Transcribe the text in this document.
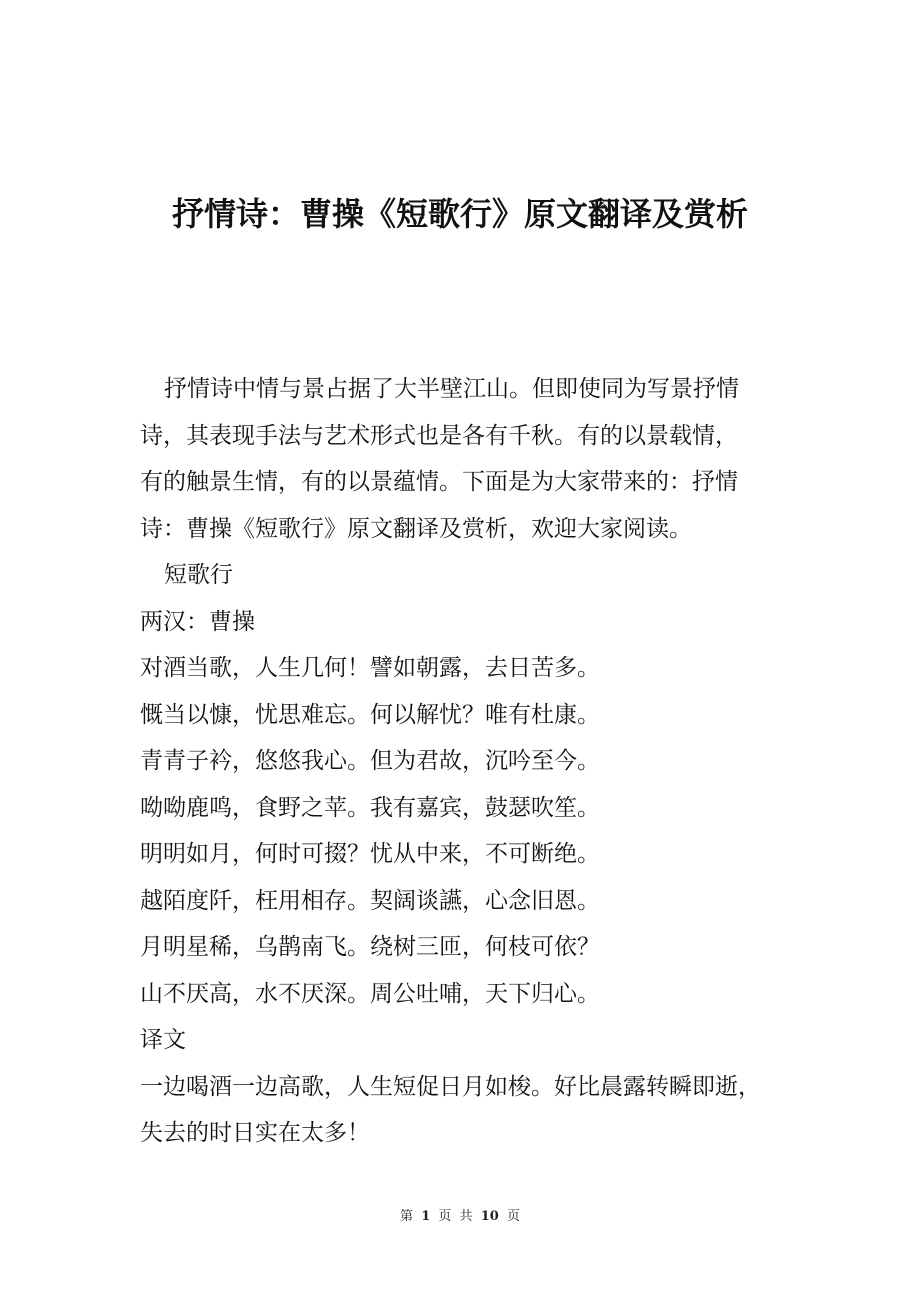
抒情诗：曹操《短歌行》原文翻译及赏析

抒情诗中情与景占据了大半壁江山。但即使同为写景抒情

诗，其表现手法与艺术形式也是各有千秋。有的以景载情，

有的触景生情，有的以景蕴情。下面是为大家带来的：抒情

诗：曹操《短歌行》原文翻译及赏析，欢迎大家阅读。

短歌行

两汉：曹操

对酒当歌，人生几何！譬如朝露，去日苦多。

慨当以慷，忧思难忘。何以解忧？唯有杜康。

青青子衿，悠悠我心。但为君故，沉吟至今。

呦呦鹿鸣，食野之苹。我有嘉宾，鼓瑟吹笙。

明明如月，何时可掇？忧从中来，不可断绝。

越陌度阡，枉用相存。契阔谈讌，心念旧恩。

月明星稀，乌鹊南飞。绕树三匝，何枝可依？

山不厌高，水不厌深。周公吐哺，天下归心。

译文

一边喝酒一边高歌，人生短促日月如梭。好比晨露转瞬即逝，

失去的时日实在太多！

第 1 页 共 10 页
